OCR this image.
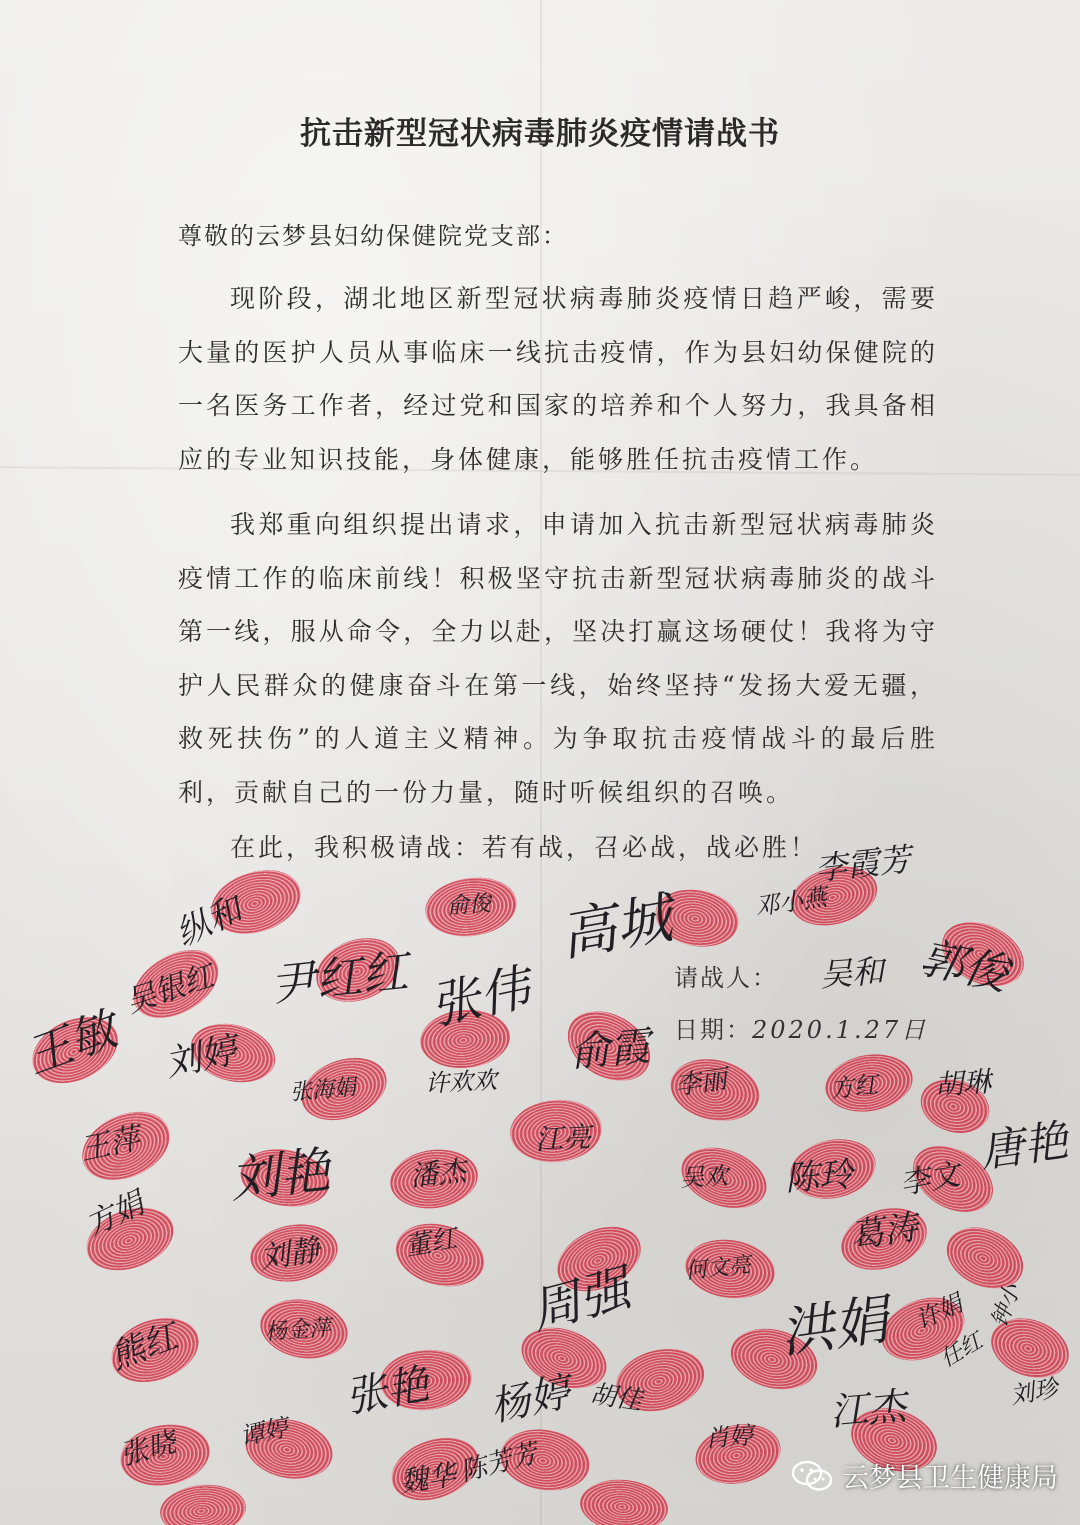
抗击新型冠状病毒肺炎疫情请战书
尊敬的云梦县妇幼保健院党支部：

现阶段，湖北地区新型冠状病毒肺炎疫情日趋严峻，需要大量的医护人员从事临床一线抗击疫情，作为县妇幼保健院的一名医务工作者，经过党和国家的培养和个人努力，我具备相应的专业知识技能，身体健康，能够胜任抗击疫情工作。

我郑重向组织提出请求，申请加入抗击新型冠状病毒肺炎疫情工作的临床前线！积极坚守抗击新型冠状病毒肺炎的战斗第一线，服从命令，全力以赴，坚决打赢这场硬仗！我将为守护人民群众的健康奋斗在第一线，始终坚持“发扬大爱无疆，救死扶伤”的人道主义精神。为争取抗击疫情战斗的最后胜利，贡献自己的一份力量，随时听候组织的召唤。

在此，我积极请战：若有战，召必战，战必胜！

请战人：
日期：2020.1.27日
李霞芳
俞俊	邓小燕
高城
纵和
吴和
尹红红 张伟
吴银红	郭俊
王敏 刘婷	俞霞
张海娟	许欢欢	李丽	方红 胡琳
唐艳
王萍 刘艳
江亮
吴欢 陈玲 李文
潘杰
方娟	董红
刘静	葛涛
何文亮
洪娟
杨金萍	周强
张艳 杨婷 胡佳
熊红
许娟
刘珍
张晓 谭婷
陈芳芳
肖婷
江杰
魏华
任红
钟小
云梦县卫生健康局
